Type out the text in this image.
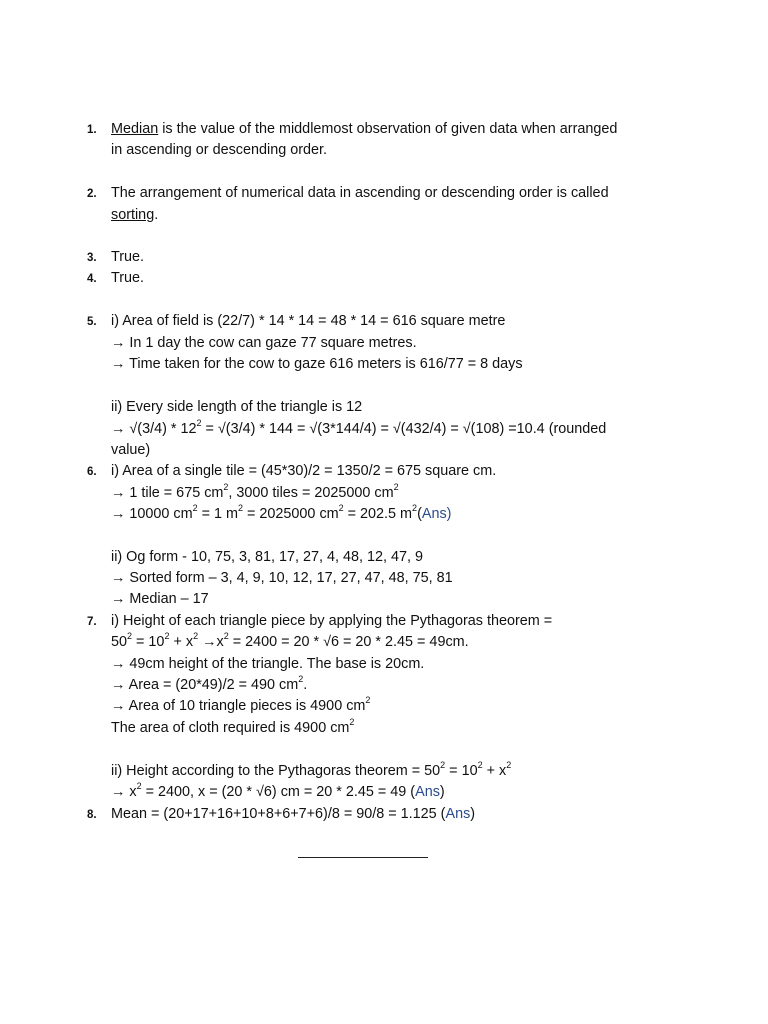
1. Median is the value of the middlemost observation of given data when arranged

in ascending or descending order.

2. The arrangement of numerical data in ascending or descending order is called

sorting.

3. True.

4. True.

5. i) Area of field is (22/7) * 14 * 14 = 48 * 14 = 616 square metre

→ In 1 day the cow can gaze 77 square metres.

→ Time taken for the cow to gaze 616 meters is 616/77 = 8 days

ii) Every side length of the triangle is 12

→ $√(3/4) * 12^2 = √(3/4) * 144 = √(3*144/4) = √(432/4) = √(108) =10.4$ (rounded

value)

6. i) Area of a single tile = (45*30)/2 = 1350/2 = 675 square cm.

→ 1 tile = 675 $cm^2$, 3000 tiles = 2025000 $cm^2$

→ 10000 $cm^2 = 1$ $m^2 = 2025000$ $cm^2 = 202.5$ $m^2(Ans)$

ii) Og form - 10, 75, 3, 81, 17, 27, 4, 48, 12, 47, 9

→ Sorted form – 3, 4, 9, 10, 12, 17, 27, 47, 48, 75, 81

→ Median – 17

7. i) Height of each triangle piece by applying the Pythagoras theorem =

$50^2 = 10^2 + x^2 \to x^2 = 2400 = 20 * √6 = 20 * 2.45 = 49cm$.

→ 49cm height of the triangle. The base is 20cm.

→ Area = (20*49)/2 = 490 $cm^2$.

→ Area of 10 triangle pieces is 4900 $cm^2$

The area of cloth required is 4900 $cm^2$

ii) Height according to the Pythagoras theorem = $50^2 = 10^2 + x^2$

→ $x^2 = 2400$, x = (20 * √6) cm = 20 * 2.45 = 49 (Ans)

8. Mean = (20+17+16+10+8+6+7+6)/8 = 90/8 = 1.125 (Ans)
